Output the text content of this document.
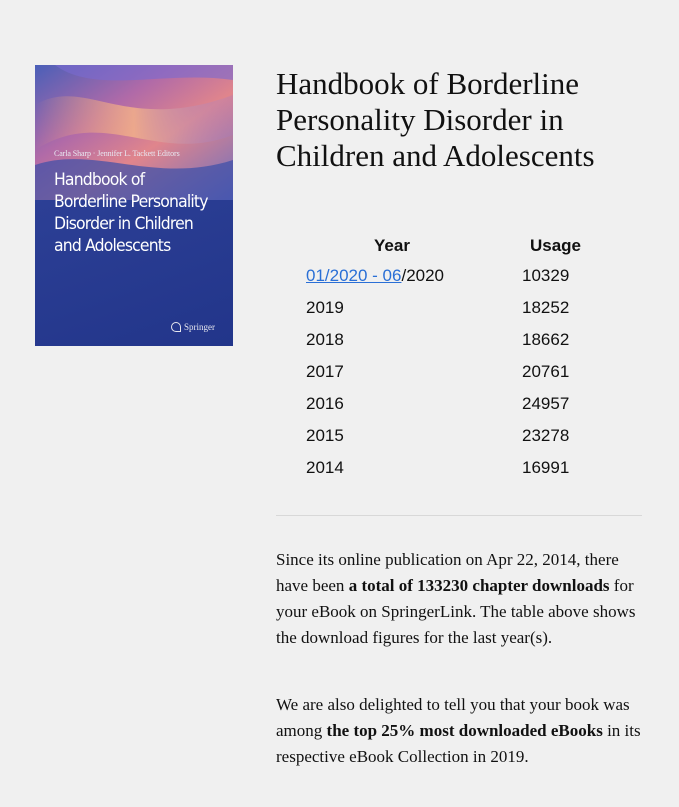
Carla Sharp · Jennifer L. Tackett Editors
Handbook of Borderline Personality Disorder in Children and Adolescents
Springer
Handbook of Borderline Personality Disorder in Children and Adolescents
Year	Usage
01/2020 - 06/2020	10329
2019	18252
2018	18662
2017	20761
2016	24957
2015	23278
2014	16991

Since its online publication on Apr 22, 2014, there have been a total of 133230 chapter downloads for your eBook on SpringerLink. The table above shows the download figures for the last year(s).

We are also delighted to tell you that your book was among the top 25% most downloaded eBooks in its respective eBook Collection in 2019.
